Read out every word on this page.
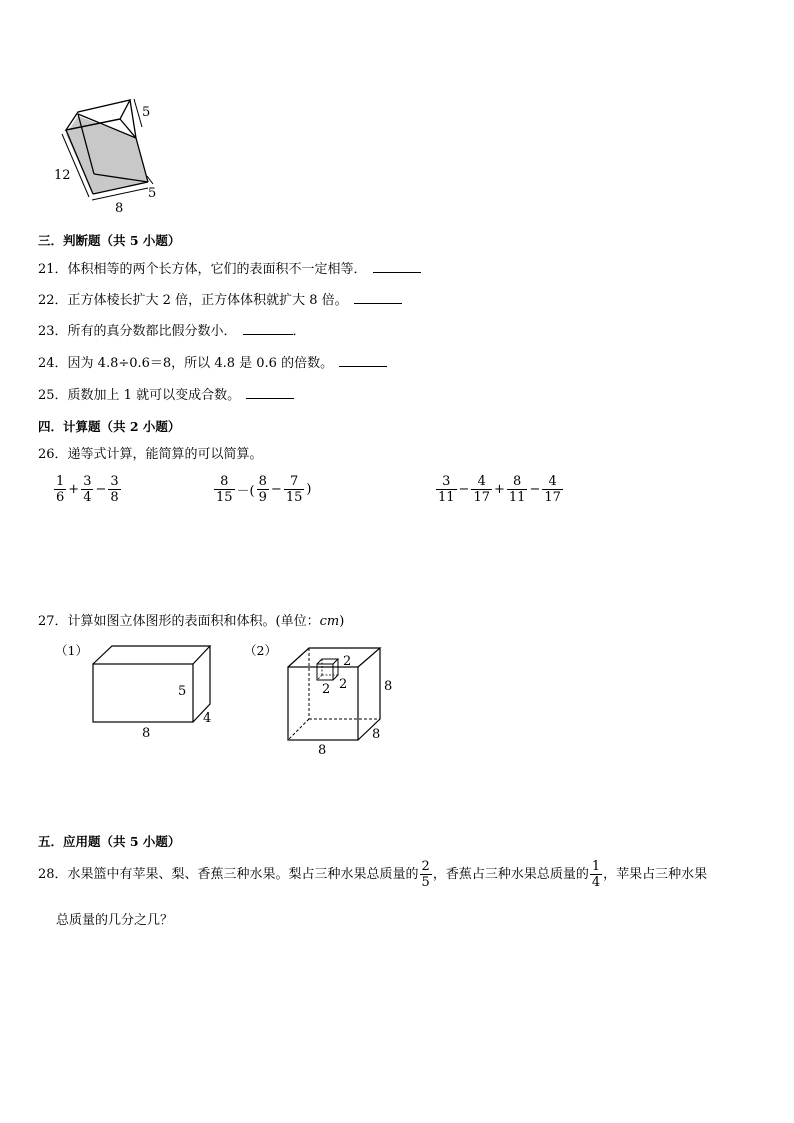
5
12
8
5
三．判断题（共 5 小题）
21．体积相等的两个长方体，它们的表面积不一定相等．
22．正方体棱长扩大 2 倍，正方体体积就扩大 8 倍。
23．所有的真分数都比假分数小．	．
24．因为 4.8÷0.6＝8，所以 4.8 是 0.6 的倍数。
25．质数加上 1 就可以变成合数。
四．计算题（共 2 小题）
26．递等式计算，能简算的可以简算。
$\frac{1}{6} + \frac{3}{4} - \frac{3}{8}$	$\frac{8}{15}$ －( $\frac{8}{9} - \frac{7}{15}$ )	$\frac{3}{11} - \frac{4}{17} + \frac{8}{11} - \frac{4}{17}$
27．计算如图立体图形的表面积和体积。(单位：cm)
（1）
5
4
8
（2）
2
2
2	8
8
8
五．应用题（共 5 小题）
28．水果篮中有苹果、梨、香蕉三种水果。梨占三种水果总质量的 $\frac{2}{5}$ ，香蕉占三种水果总质量的 $\frac{1}{4}$ ，苹果占三种水果
总质量的几分之几？
